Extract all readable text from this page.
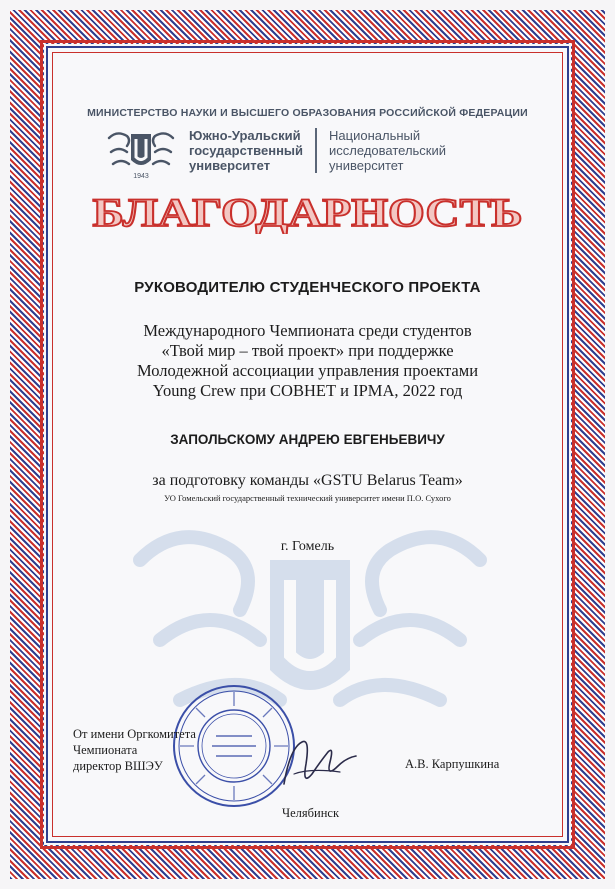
МИНИСТЕРСТВО НАУКИ И ВЫСШЕГО ОБРАЗОВАНИЯ РОССИЙСКОЙ ФЕДЕРАЦИИ
1943
Южно-Уральский
государственный
университет
Национальный
исследовательский
университет
БЛАГОДАРНОСТЬ
РУКОВОДИТЕЛЮ СТУДЕНЧЕСКОГО ПРОЕКТА
Международного Чемпионата среди студентов
«Твой мир – твой проект» при поддержке
Молодежной ассоциации управления проектами
Young Crew при СОВНЕТ и IPMA, 2022 год
ЗАПОЛЬСКОМУ АНДРЕЮ ЕВГЕНЬЕВИЧУ
за подготовку команды «GSTU Belarus Team»
УО Гомельский государственный технический университет имени П.О. Сухого
г. Гомель
От имени Оргкомитета
Чемпионата
директор ВШЭУ	А.В. Карпушкина
Челябинск
